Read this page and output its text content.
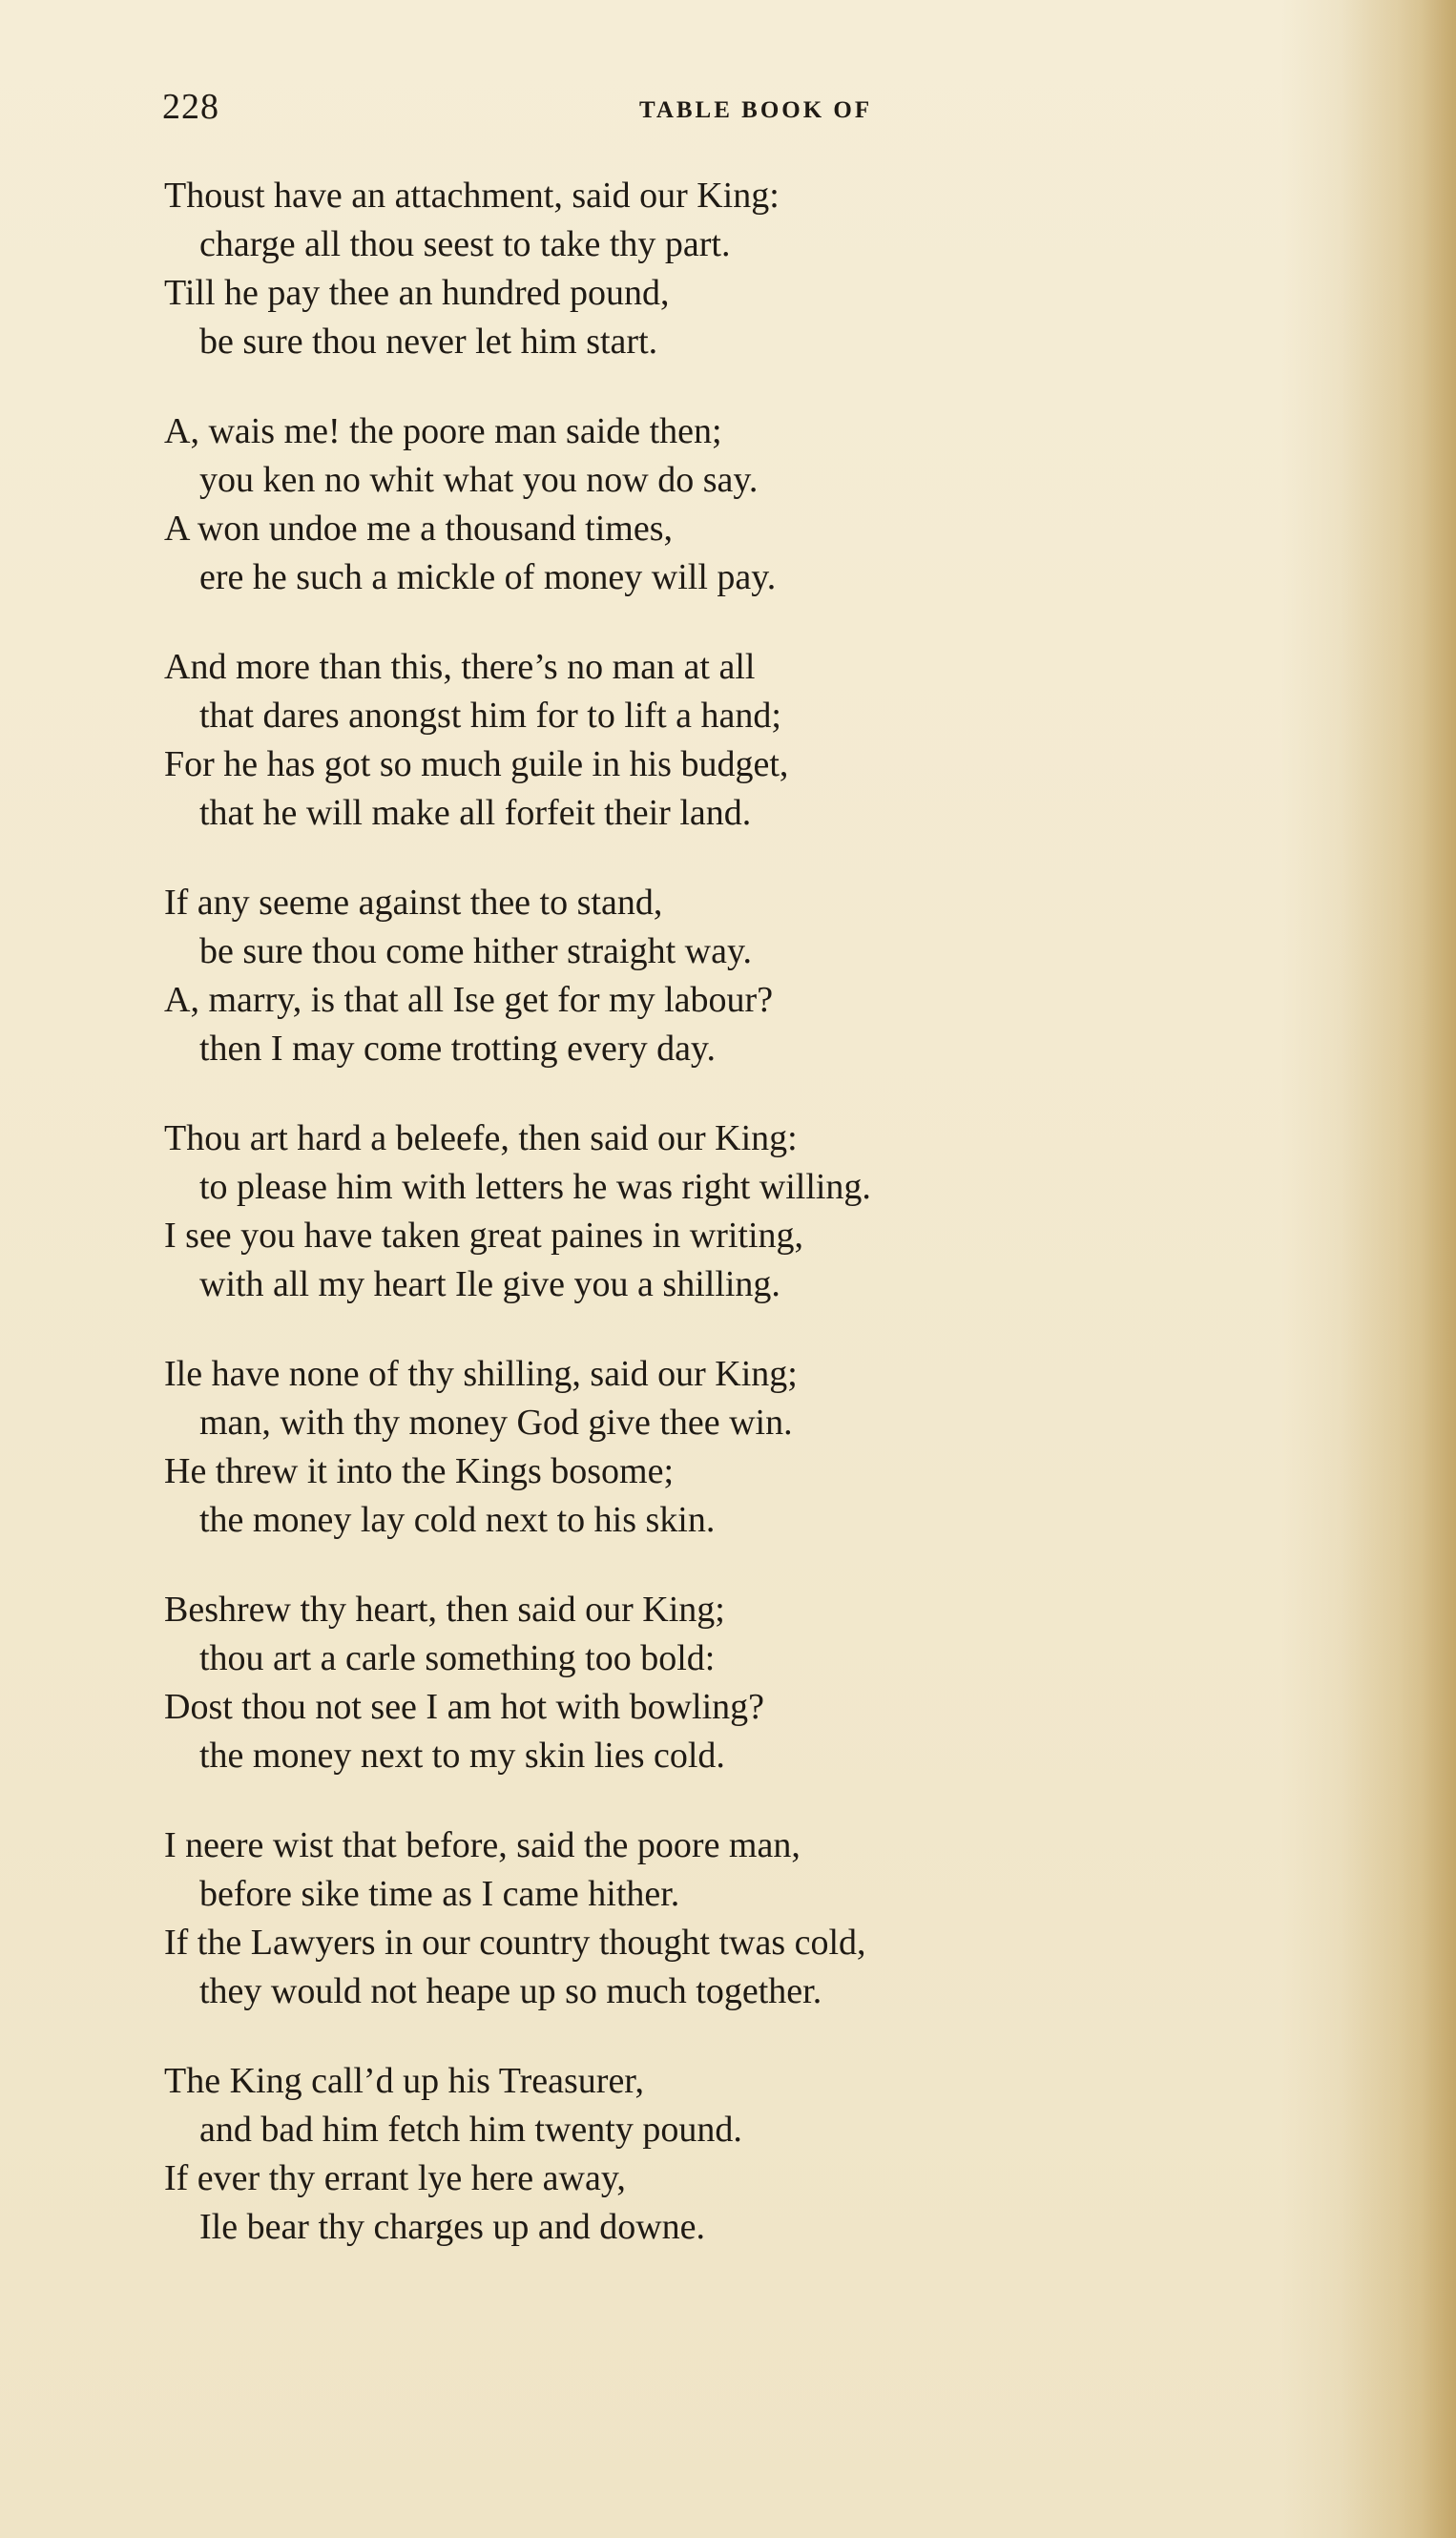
228	TABLE BOOK OF
Thoust have an attachment, said our King:
charge all thou seest to take thy part.
Till he pay thee an hundred pound,
be sure thou never let him start.
A, wais me! the poore man saide then;
you ken no whit what you now do say.
A won undoe me a thousand times,
ere he such a mickle of money will pay.
And more than this, there’s no man at all
that dares anongst him for to lift a hand;
For he has got so much guile in his budget,
that he will make all forfeit their land.
If any seeme against thee to stand,
be sure thou come hither straight way.
A, marry, is that all Ise get for my labour?
then I may come trotting every day.
Thou art hard a beleefe, then said our King:
to please him with letters he was right willing.
I see you have taken great paines in writing,
with all my heart Ile give you a shilling.
Ile have none of thy shilling, said our King;
man, with thy money God give thee win.
He threw it into the Kings bosome;
the money lay cold next to his skin.
Beshrew thy heart, then said our King;
thou art a carle something too bold:
Dost thou not see I am hot with bowling?
the money next to my skin lies cold.
I neere wist that before, said the poore man,
before sike time as I came hither.
If the Lawyers in our country thought twas cold,
they would not heape up so much together.
The King call’d up his Treasurer,
and bad him fetch him twenty pound.
If ever thy errant lye here away,
Ile bear thy charges up and downe.
